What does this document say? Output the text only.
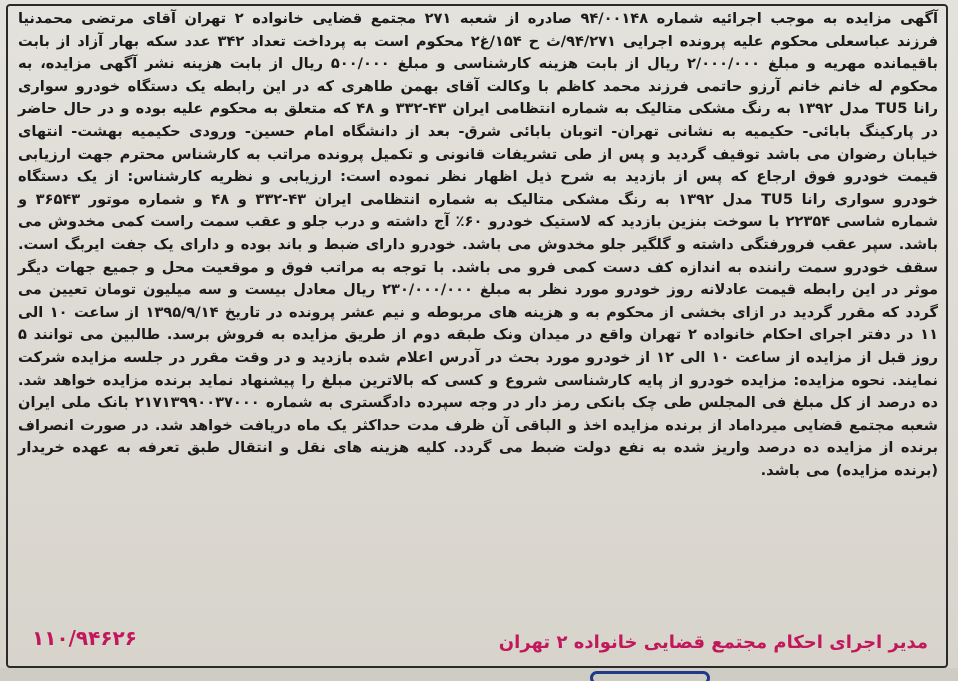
آگهی مزایده به موجب اجرائیه شماره ۹۴/۰۰۱۴۸ صادره از شعبه ۲۷۱ مجتمع قضایی خانواده ۲ تهران آقای مرتضی محمدنیا فرزند عباسعلی محکوم علیه پرونده اجرایی ۹۴/۲۷۱/ث ح ۱۵۴/غ۲ محکوم است به پرداخت تعداد ۳۴۲ عدد سکه بهار آزاد از بابت باقیمانده مهریه و مبلغ ۲/۰۰۰/۰۰۰ ریال از بابت هزینه کارشناسی و مبلغ ۵۰۰/۰۰۰ ریال از بابت هزینه نشر آگهی مزایده، به محکوم له خانم خانم آرزو حاتمی فرزند محمد کاظم با وکالت آقای بهمن طاهری که در این رابطه یک دستگاه خودرو سواری رانا TU5 مدل ۱۳۹۲ به رنگ مشکی متالیک به شماره انتظامی ایران ۴۳-۳۳۲ و ۴۸ که متعلق به محکوم علیه بوده و در حال حاضر در پارکینگ بابائی- حکیمیه به نشانی تهران- اتوبان بابائی شرق- بعد از دانشگاه امام حسین- ورودی حکیمیه بهشت- انتهای خیابان رضوان می باشد توقیف گردید و پس از طی تشریفات قانونی و تکمیل پرونده مراتب به کارشناس محترم جهت ارزیابی قیمت خودرو فوق ارجاع که پس از بازدید به شرح ذیل اظهار نظر نموده است: ارزیابی و نظریه کارشناس: از یک دستگاه خودرو سواری رانا TU5 مدل ۱۳۹۲ به رنگ مشکی متالیک به شماره انتظامی ایران ۴۳-۳۳۲ و ۴۸ و شماره موتور ۳۶۵۴۳ و شماره شاسی ۲۲۳۵۴ با سوخت بنزین بازدید که لاستیک خودرو ۶۰٪ آج داشته و درب جلو و عقب سمت راست کمی مخدوش می باشد. سپر عقب فرورفتگی داشته و گلگیر جلو مخدوش می باشد. خودرو دارای ضبط و باند بوده و دارای یک جفت ایربگ است. سقف خودرو سمت راننده به اندازه کف دست کمی فرو می باشد. با توجه به مراتب فوق و موقعیت محل و جمیع جهات دیگر موثر در این رابطه قیمت عادلانه روز خودرو مورد نظر به مبلغ ۲۳۰/۰۰۰/۰۰۰ ریال معادل بیست و سه میلیون تومان تعیین می گردد که مقرر گردید در ازای بخشی از محکوم به و هزینه های مربوطه و نیم عشر پرونده در تاریخ ۱۳۹۵/۹/۱۴ از ساعت ۱۰ الی ۱۱ در دفتر اجرای احکام خانواده ۲ تهران واقع در میدان ونک طبقه دوم از طریق مزایده به فروش برسد. طالبین می توانند ۵ روز قبل از مزایده از ساعت ۱۰ الی ۱۲ از خودرو مورد بحث در آدرس اعلام شده بازدید و در وقت مقرر در جلسه مزایده شرکت نمایند. نحوه مزایده: مزایده خودرو از پایه کارشناسی شروع و کسی که بالاترین مبلغ را پیشنهاد نماید برنده مزایده خواهد شد. ده درصد از کل مبلغ فی المجلس طی چک بانکی رمز دار در وجه سپرده دادگستری به شماره ۲۱۷۱۳۹۹۰۰۳۷۰۰۰ بانک ملی ایران شعبه مجتمع قضایی میرداماد از برنده مزایده اخذ و الباقی آن ظرف مدت حداکثر یک ماه دریافت خواهد شد. در صورت انصراف برنده از مزایده ده درصد واریز شده به نفع دولت ضبط می گردد. کلیه هزینه های نقل و انتقال طبق تعرفه به عهده خریدار (برنده مزایده) می باشد.
مدیر اجرای احکام مجتمع قضایی خانواده ۲ تهران
۱۱۰/۹۴۶۲۶
